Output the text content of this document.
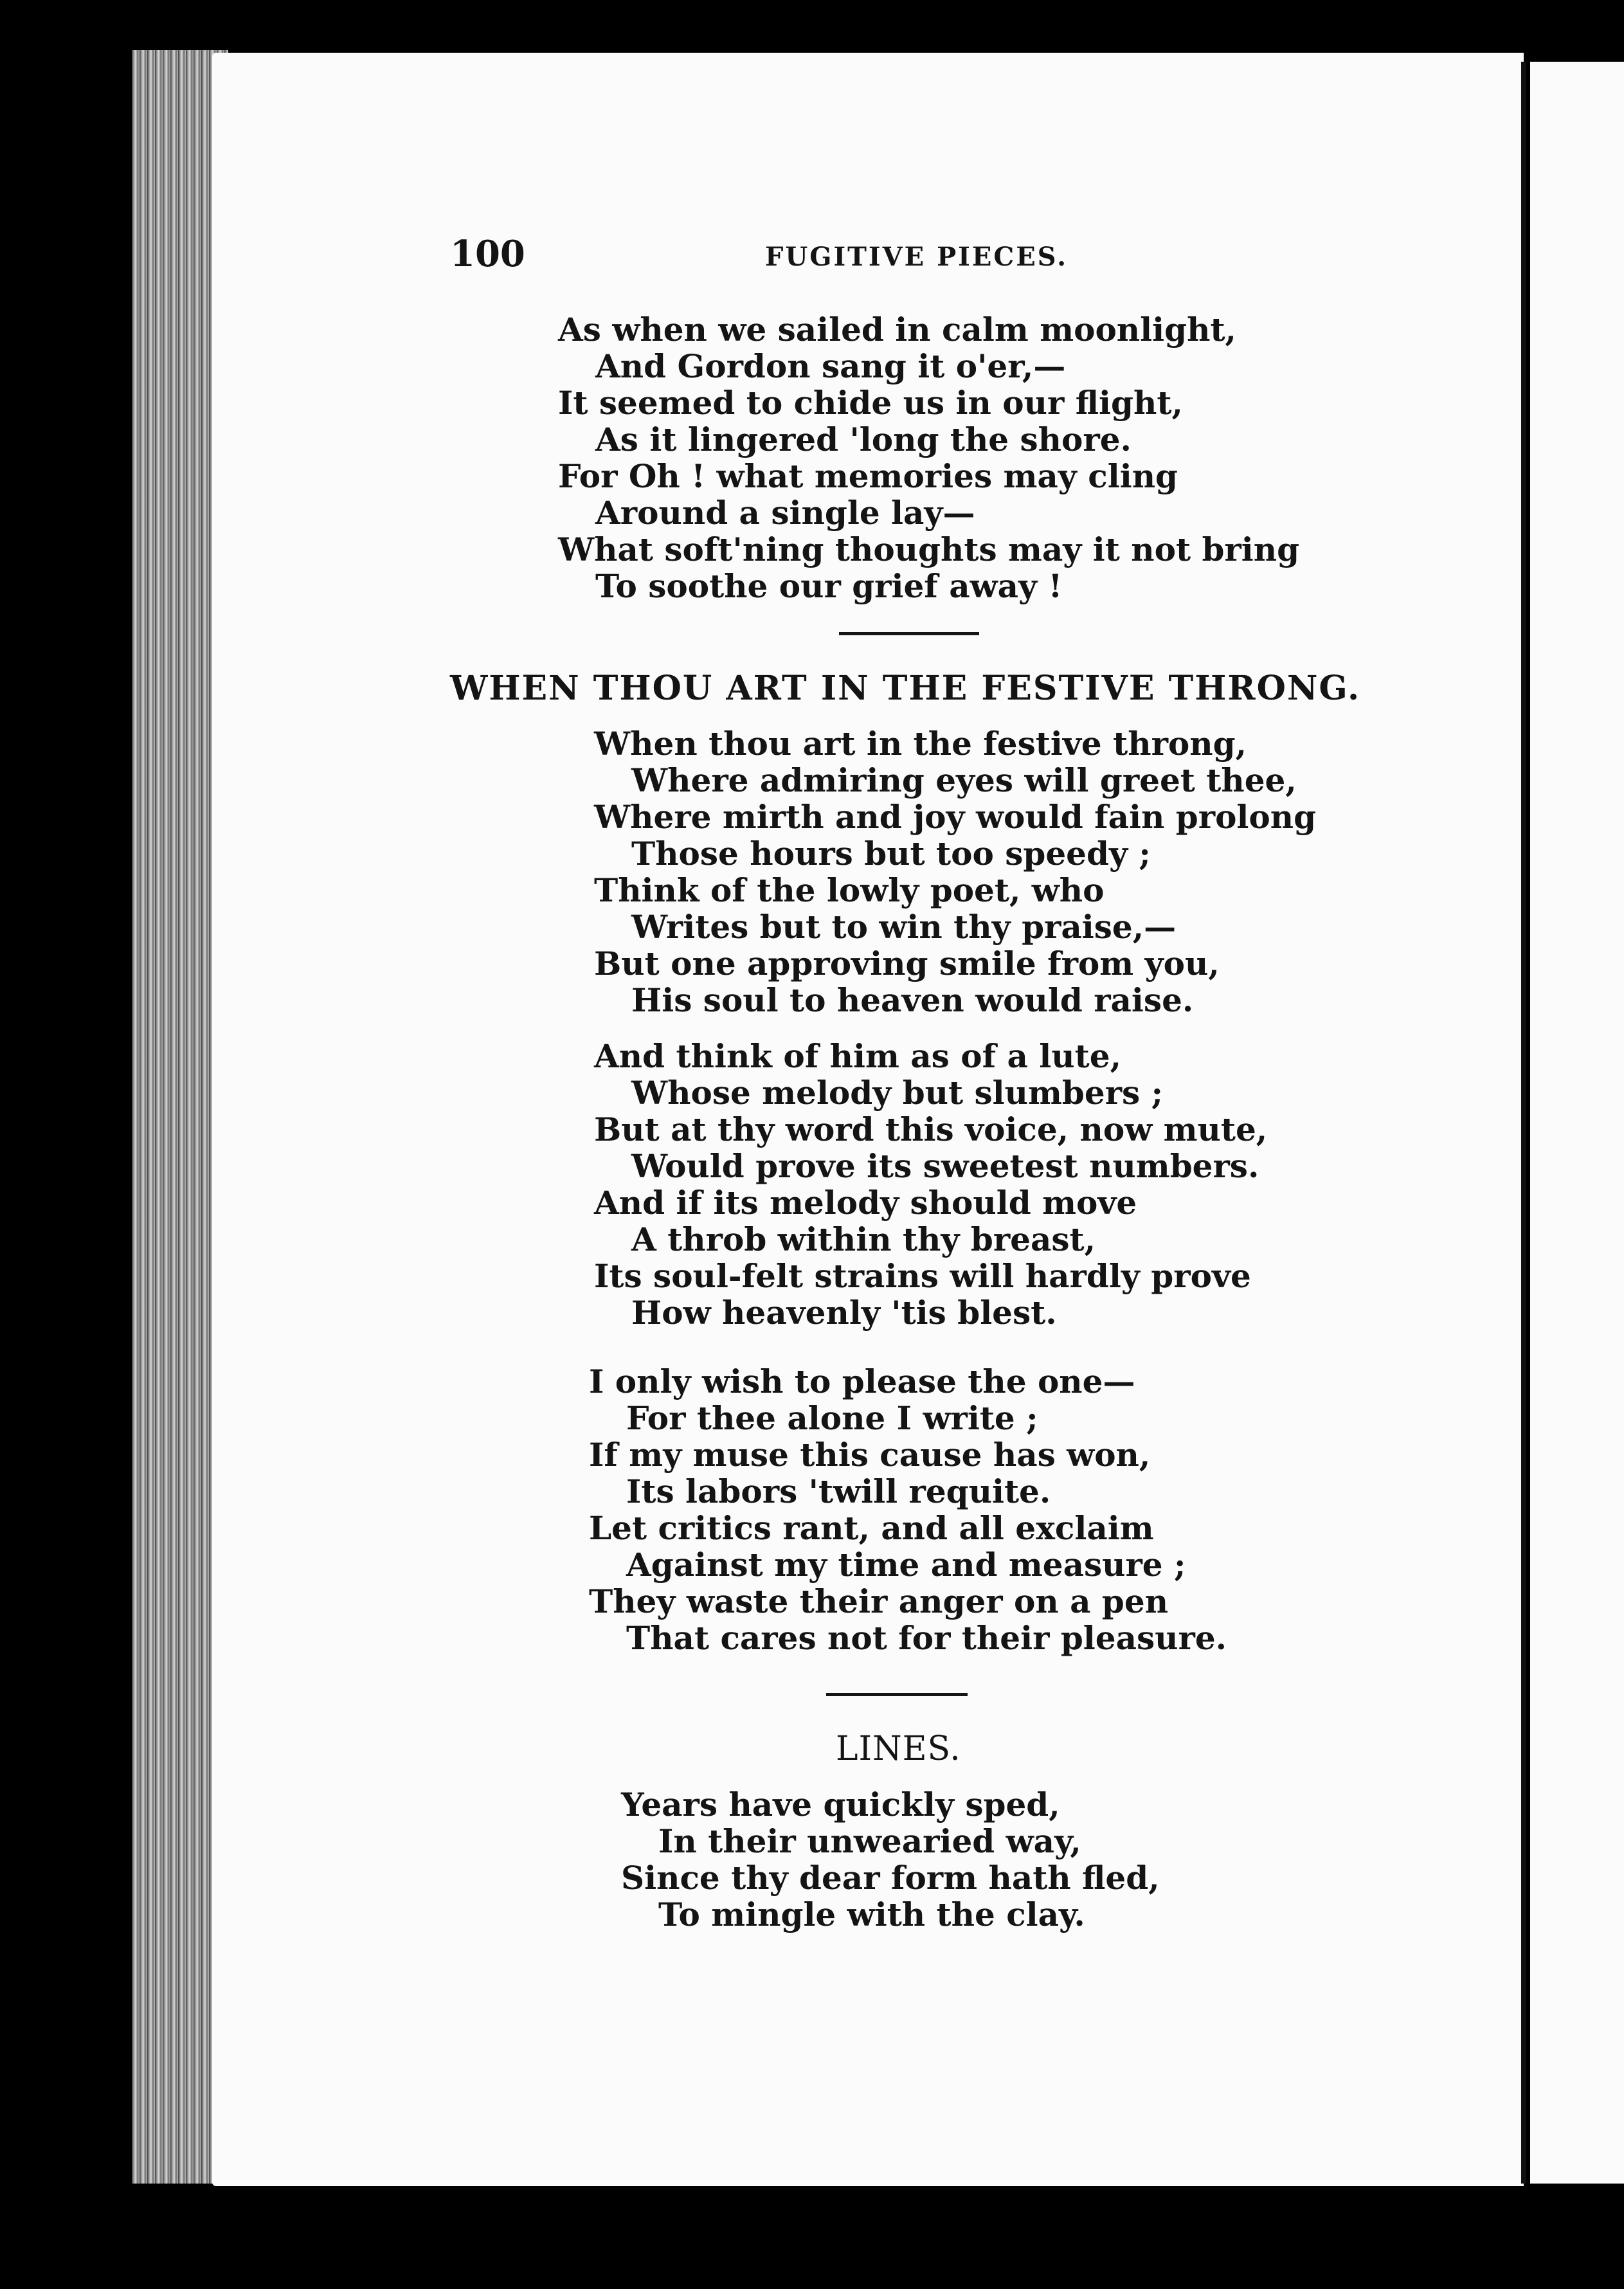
100	FUGITIVE PIECES.
As when we sailed in calm moonlight,
And Gordon sang it o'er,—
It seemed to chide us in our flight,
As it lingered 'long the shore.
For Oh ! what memories may cling
Around a single lay—
What soft'ning thoughts may it not bring
To soothe our grief away !
WHEN THOU ART IN THE FESTIVE THRONG.
When thou art in the festive throng,
Where admiring eyes will greet thee,
Where mirth and joy would fain prolong
Those hours but too speedy ;
Think of the lowly poet, who
Writes but to win thy praise,—
But one approving smile from you,
His soul to heaven would raise.
And think of him as of a lute,
Whose melody but slumbers ;
But at thy word this voice, now mute,
Would prove its sweetest numbers.
And if its melody should move
A throb within thy breast,
Its soul-felt strains will hardly prove
How heavenly 'tis blest.
I only wish to please the one—
For thee alone I write ;
If my muse this cause has won,
Its labors 'twill requite.
Let critics rant, and all exclaim
Against my time and measure ;
They waste their anger on a pen
That cares not for their pleasure.
LINES.
Years have quickly sped,
In their unwearied way,
Since thy dear form hath fled,
To mingle with the clay.
